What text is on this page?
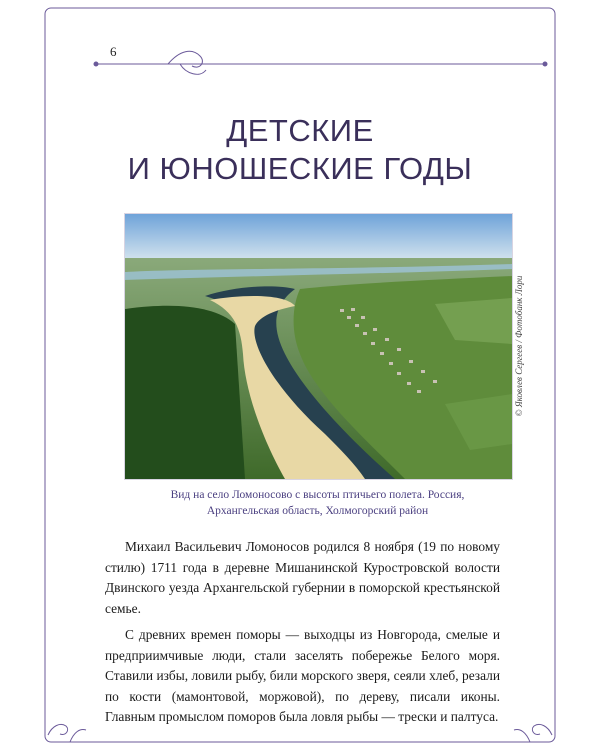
6
ДЕТСКИЕ
И ЮНОШЕСКИЕ ГОДЫ
© Яковлев Сергеев / Фотобанк Лори
Вид на село Ломоносово с высоты птичьего полета. Россия,
Архангельская область, Холмогорский район

Михаил Васильевич Ломоносов родился 8 ноября (19 по новому стилю) 1711 года в деревне Мишанинской Куростровской волости Двинского уезда Архангельской губернии в поморской крестьянской семье.

С древних времен поморы — выходцы из Новгорода, смелые и предприимчивые люди, стали заселять побережье Белого моря. Ставили избы, ловили рыбу, били морского зверя, сеяли хлеб, резали по кости (мамонтовой, моржовой), по дереву, писали иконы. Главным промыслом поморов была ловля рыбы — трески и палтуса.
